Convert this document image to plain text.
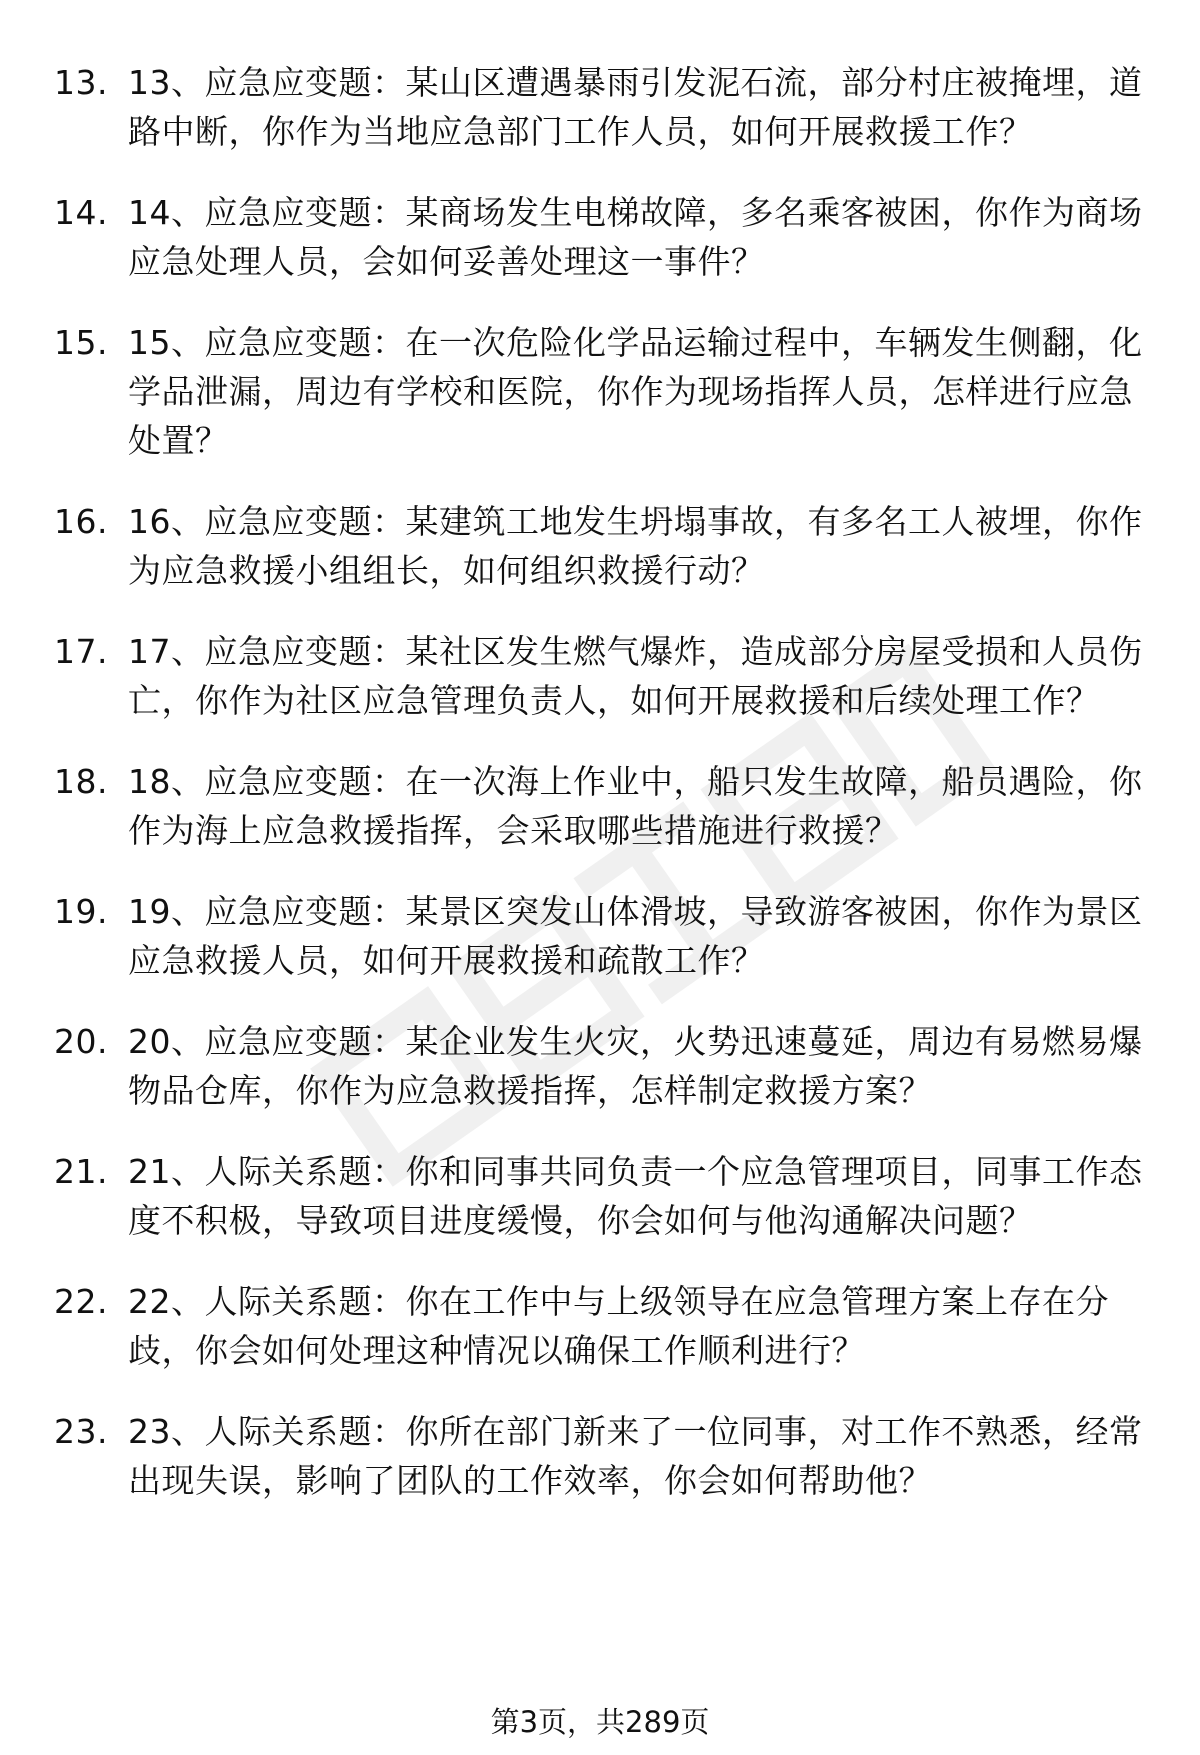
13. 13、应急应变题：某山区遭遇暴雨引发泥石流，部分村庄被掩埋，道路中断，你作为当地应急部门工作人员，如何开展救援工作？
14. 14、应急应变题：某商场发生电梯故障，多名乘客被困，你作为商场应急处理人员，会如何妥善处理这一事件？
15. 15、应急应变题：在一次危险化学品运输过程中，车辆发生侧翻，化学品泄漏，周边有学校和医院，你作为现场指挥人员，怎样进行应急处置？
16. 16、应急应变题：某建筑工地发生坍塌事故，有多名工人被埋，你作为应急救援小组组长，如何组织救援行动？
17. 17、应急应变题：某社区发生燃气爆炸，造成部分房屋受损和人员伤亡，你作为社区应急管理负责人，如何开展救援和后续处理工作？
18. 18、应急应变题：在一次海上作业中，船只发生故障，船员遇险，你作为海上应急救援指挥，会采取哪些措施进行救援？
19. 19、应急应变题：某景区突发山体滑坡，导致游客被困，你作为景区应急救援人员，如何开展救援和疏散工作？
20. 20、应急应变题：某企业发生火灾，火势迅速蔓延，周边有易燃易爆物品仓库，你作为应急救援指挥，怎样制定救援方案？
21. 21、人际关系题：你和同事共同负责一个应急管理项目，同事工作态度不积极，导致项目进度缓慢，你会如何与他沟通解决问题？
22. 22、人际关系题：你在工作中与上级领导在应急管理方案上存在分歧，你会如何处理这种情况以确保工作顺利进行？
23. 23、人际关系题：你所在部门新来了一位同事，对工作不熟悉，经常出现失误，影响了团队的工作效率，你会如何帮助他？
第3页，共289页
